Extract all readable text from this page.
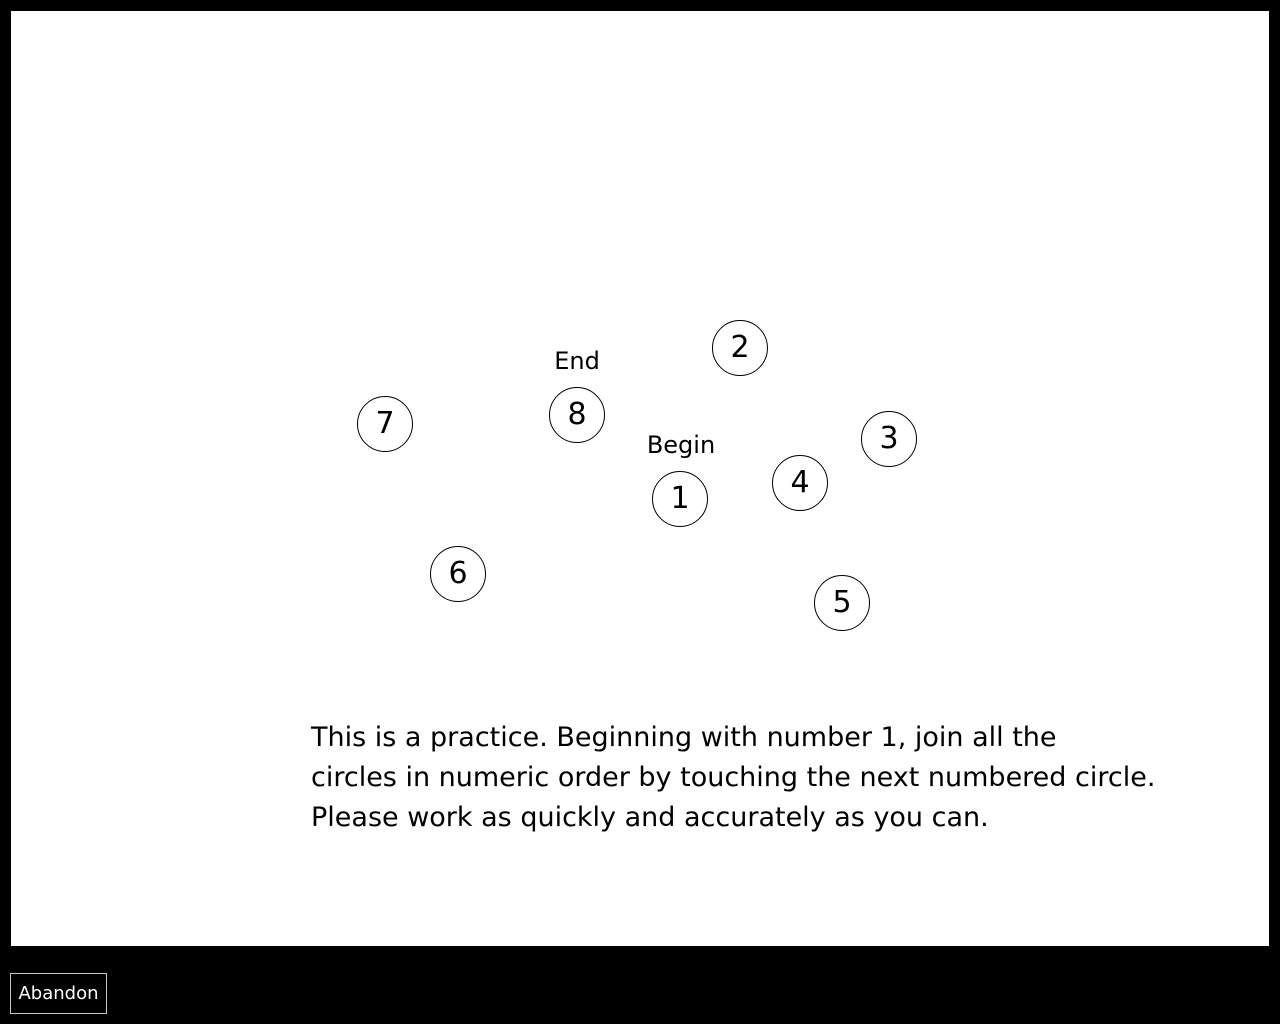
Begin
End
1
2
3
4
5
6
7	8
This is a practice. Beginning with number 1, join all the
circles in numeric order by touching the next numbered circle.
Please work as quickly and accurately as you can.
Abandon
